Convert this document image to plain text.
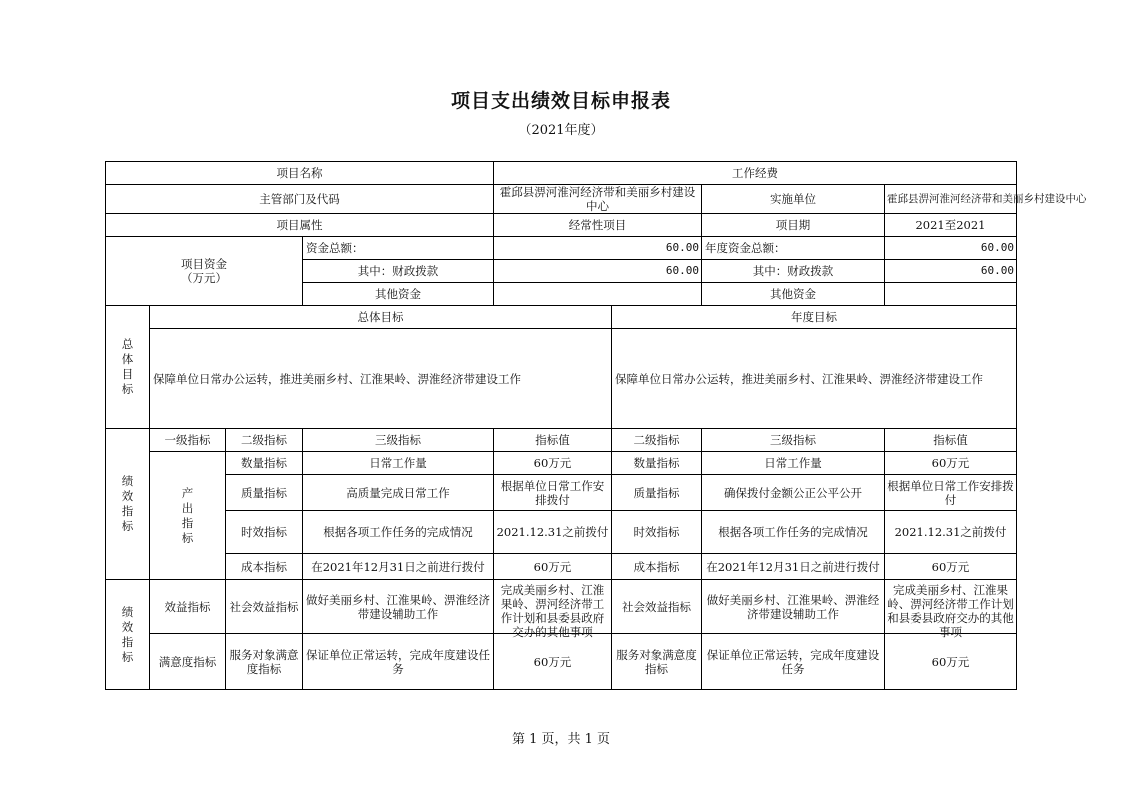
项目支出绩效目标申报表
（2021年度）
项目名称				工作经费			
主管部门及代码				霍邱县淠河淮河经济带和美丽乡村建设中心		实施单位	霍邱县淠河淮河经济带和美丽乡村建设中心
项目属性				经常性项目		项目期	2021至2021

项目资金
（万元）			资金总额：	60.00		年度资金总额：	60.00
			其中：财政拨款	60.00		其中：财政拨款	60.00
			其他资金			其他资金	
总
体
目
标	总体目标				年度目标		
	保障单位日常办公运转，推进美丽乡村、江淮果岭、淠淮经济带建设工作				保障单位日常办公运转，推进美丽乡村、江淮果岭、淠淮经济带建设工作		
绩
效
指
标	一级指标	二级指标	三级指标	指标值	二级指标	三级指标	指标值
	产
出
指
标	数量指标	日常工作量	60万元	数量指标	日常工作量	60万元
		质量指标	高质量完成日常工作	根据单位日常工作安排拨付	质量指标	确保拨付金额公正公平公开	根据单位日常工作安排拨付
		时效指标	根据各项工作任务的完成情况	2021.12.31之前拨付	时效指标	根据各项工作任务的完成情况	2021.12.31之前拨付
		成本指标	在2021年12月31日之前进行拨付	60万元	成本指标	在2021年12月31日之前进行拨付	60万元
绩
效
指
标	效益指标	社会效益指标	做好美丽乡村、江淮果岭、淠淮经济带建设辅助工作	完成美丽乡村、江淮果岭、淠河经济带工作计划和县委县政府交办的其他事项	社会效益指标	做好美丽乡村、江淮果岭、淠淮经济带建设辅助工作	完成美丽乡村、江淮果岭、淠河经济带工作计划和县委县政府交办的其他事项

	满意度指标	服务对象满意度指标	保证单位正常运转，完成年度建设任务	60万元	服务对象满意度指标	保证单位正常运转，完成年度建设任务	60万元
第 1 页，共 1 页
